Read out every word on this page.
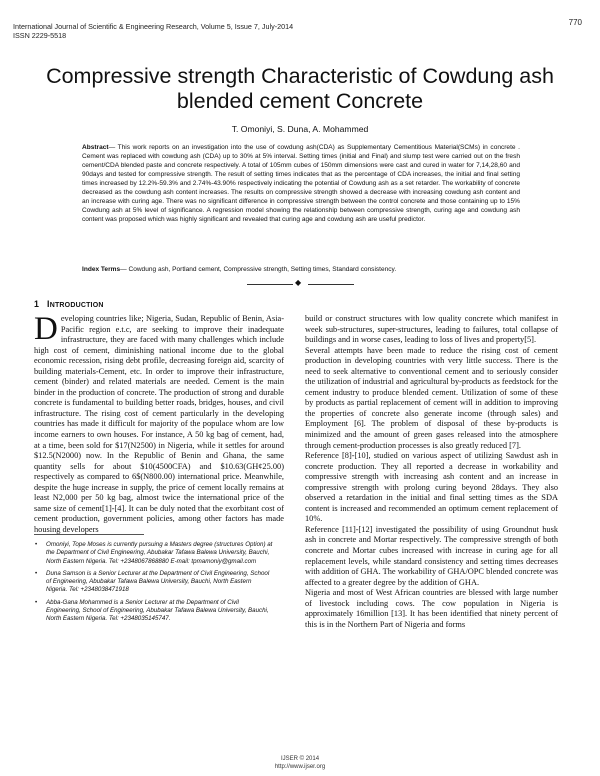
International Journal of Scientific & Engineering Research, Volume 5, Issue 7, July-2014
ISSN 2229-5518
770
Compressive strength Characteristic of Cowdung ash blended cement Concrete
T. Omoniyi, S. Duna, A. Mohammed
Abstract— This work reports on an investigation into the use of cowdung ash(CDA) as Supplementary Cementitious Material(SCMs) in concrete . Cement was replaced with cowdung ash (CDA) up to 30% at 5% interval. Setting times (initial and Final) and slump test were carried out on the fresh cement/CDA blended paste and concrete respectively. A total of 105mm cubes of 150mm dimensions were cast and cured in water for 7,14,28,60 and 90days and tested for compressive strength. The result of setting times indicates that as the percentage of CDA increases, the initial and final setting times increased by 12.2%-59.3% and 2.74%-43.90% respectively indicating the potential of Cowdung ash as a set retarder. The workability of concrete decreased as the cowdung ash content increases. The results on compressive strength showed a decrease with increasing cowdung ash content and an increase with curing age. There was no significant difference in compressive strength between the control concrete and those containing up to 15% Cowdung ash at 5% level of significance. A regression model showing the relationship between compressive strength, curing age and cowdung ash content was proposed which was highly significant and revealed that curing age and cowdung ash are useful predictor.
Index Terms— Cowdung ash, Portland cement, Compressive strength, Setting times, Standard consistency.
◆
1 INTRODUCTION

Developing countries like; Nigeria, Sudan, Republic of Benin, Asia-Pacific region e.t.c, are seeking to improve their inadequate infrastructure, they are faced with many challenges which include high cost of cement, diminishing national income due to the global economic recession, rising debt profile, decreasing foreign aid, scarcity of building materials-Cement, etc. In order to improve their infrastructure, cement (binder) and related materials are needed. Cement is the main binder in the production of concrete. The production of strong and durable concrete is fundamental to building better roads, bridges, houses, and civil infrastructure. The rising cost of cement particularly in the developing countries has made it difficult for majority of the populace whom are low income earners to own houses. For instance, A 50 kg bag of cement, had, at a time, been sold for $17(N2500) in Nigeria, while it settles for around $12.5(N2000) now. In the Republic of Benin and Ghana, the same quantity sells for about $10(4500CFA) and $10.63(GH¢25.00) respectively as compared to 6$(N800.00) international price. Meanwhile, despite the huge increase in supply, the price of cement locally remains at least N2,000 per 50 kg bag, almost twice the international price of the same size of cement[1]-[4]. It can be duly noted that the exorbitant cost of cement production, government policies, among other factors has made housing developers

build or construct structures with low quality concrete which manifest in week sub-structures, super-structures, leading to failures, total collapse of buildings and in worse cases, leading to loss of lives and property[5].

Several attempts have been made to reduce the rising cost of cement production in developing countries with very little success. There is the need to seek alternative to conventional cement and to seriously consider the utilization of industrial and agricultural by-products as feedstock for the cement industry to produce blended cement. Utilization of some of these by products as partial replacement of cement will in addition to improving the properties of concrete also generate income (through sales) and Employment [6]. The problem of disposal of these by-products is minimized and the amount of green gases released into the atmosphere through cement-production processes is also greatly reduced [7].

Reference [8]-[10], studied on various aspect of utilizing Sawdust ash in concrete production. They all reported a decrease in workability and compressive strength with increasing ash content and an increase in compressive strength with prolong curing beyond 28days. They also observed a retardation in the initial and final setting times as the SDA content is increased and recommended an optimum cement replacement of 10%.

Reference [11]-[12] investigated the possibility of using Groundnut husk ash in concrete and Mortar respectively. The compressive strength of both concrete and Mortar cubes increased with increase in curing age for all replacement levels, while standard consistency and setting times decreases with addition of GHA. The workability of GHA/OPC blended concrete was affected to a greater degree by the addition of GHA.

Nigeria and most of West African countries are blessed with large number of livestock including cows. The cow population in Nigeria is approximately 16million [13]. It has been identified that ninety percent of this is in the Northern Part of Nigeria and forms

• Omoniyi, Tope Moses is currently pursuing a Masters degree (structures Option) at the Department of Civil Engineering, Abubakar Tafawa Balewa University, Bauchi, North Eastern Nigeria. Tel: +2348067868880 E-mail: tpmamoniy@gmail.com
• Duna Samson is a Senior Lecturer at the Department of Civil Engineering, School of Engineering, Abubakar Tafawa Balewa University, Bauchi, North Eastern Nigeria. Tel: +2348038471918
• Abba-Gana Mohammed is a Senior Lecturer at the Department of Civil Engineering, School of Engineering, Abubakar Tafawa Balewa University, Bauchi, North Eastern Nigeria. Tel: +2348035145747.
IJSER © 2014
http://www.ijser.org
